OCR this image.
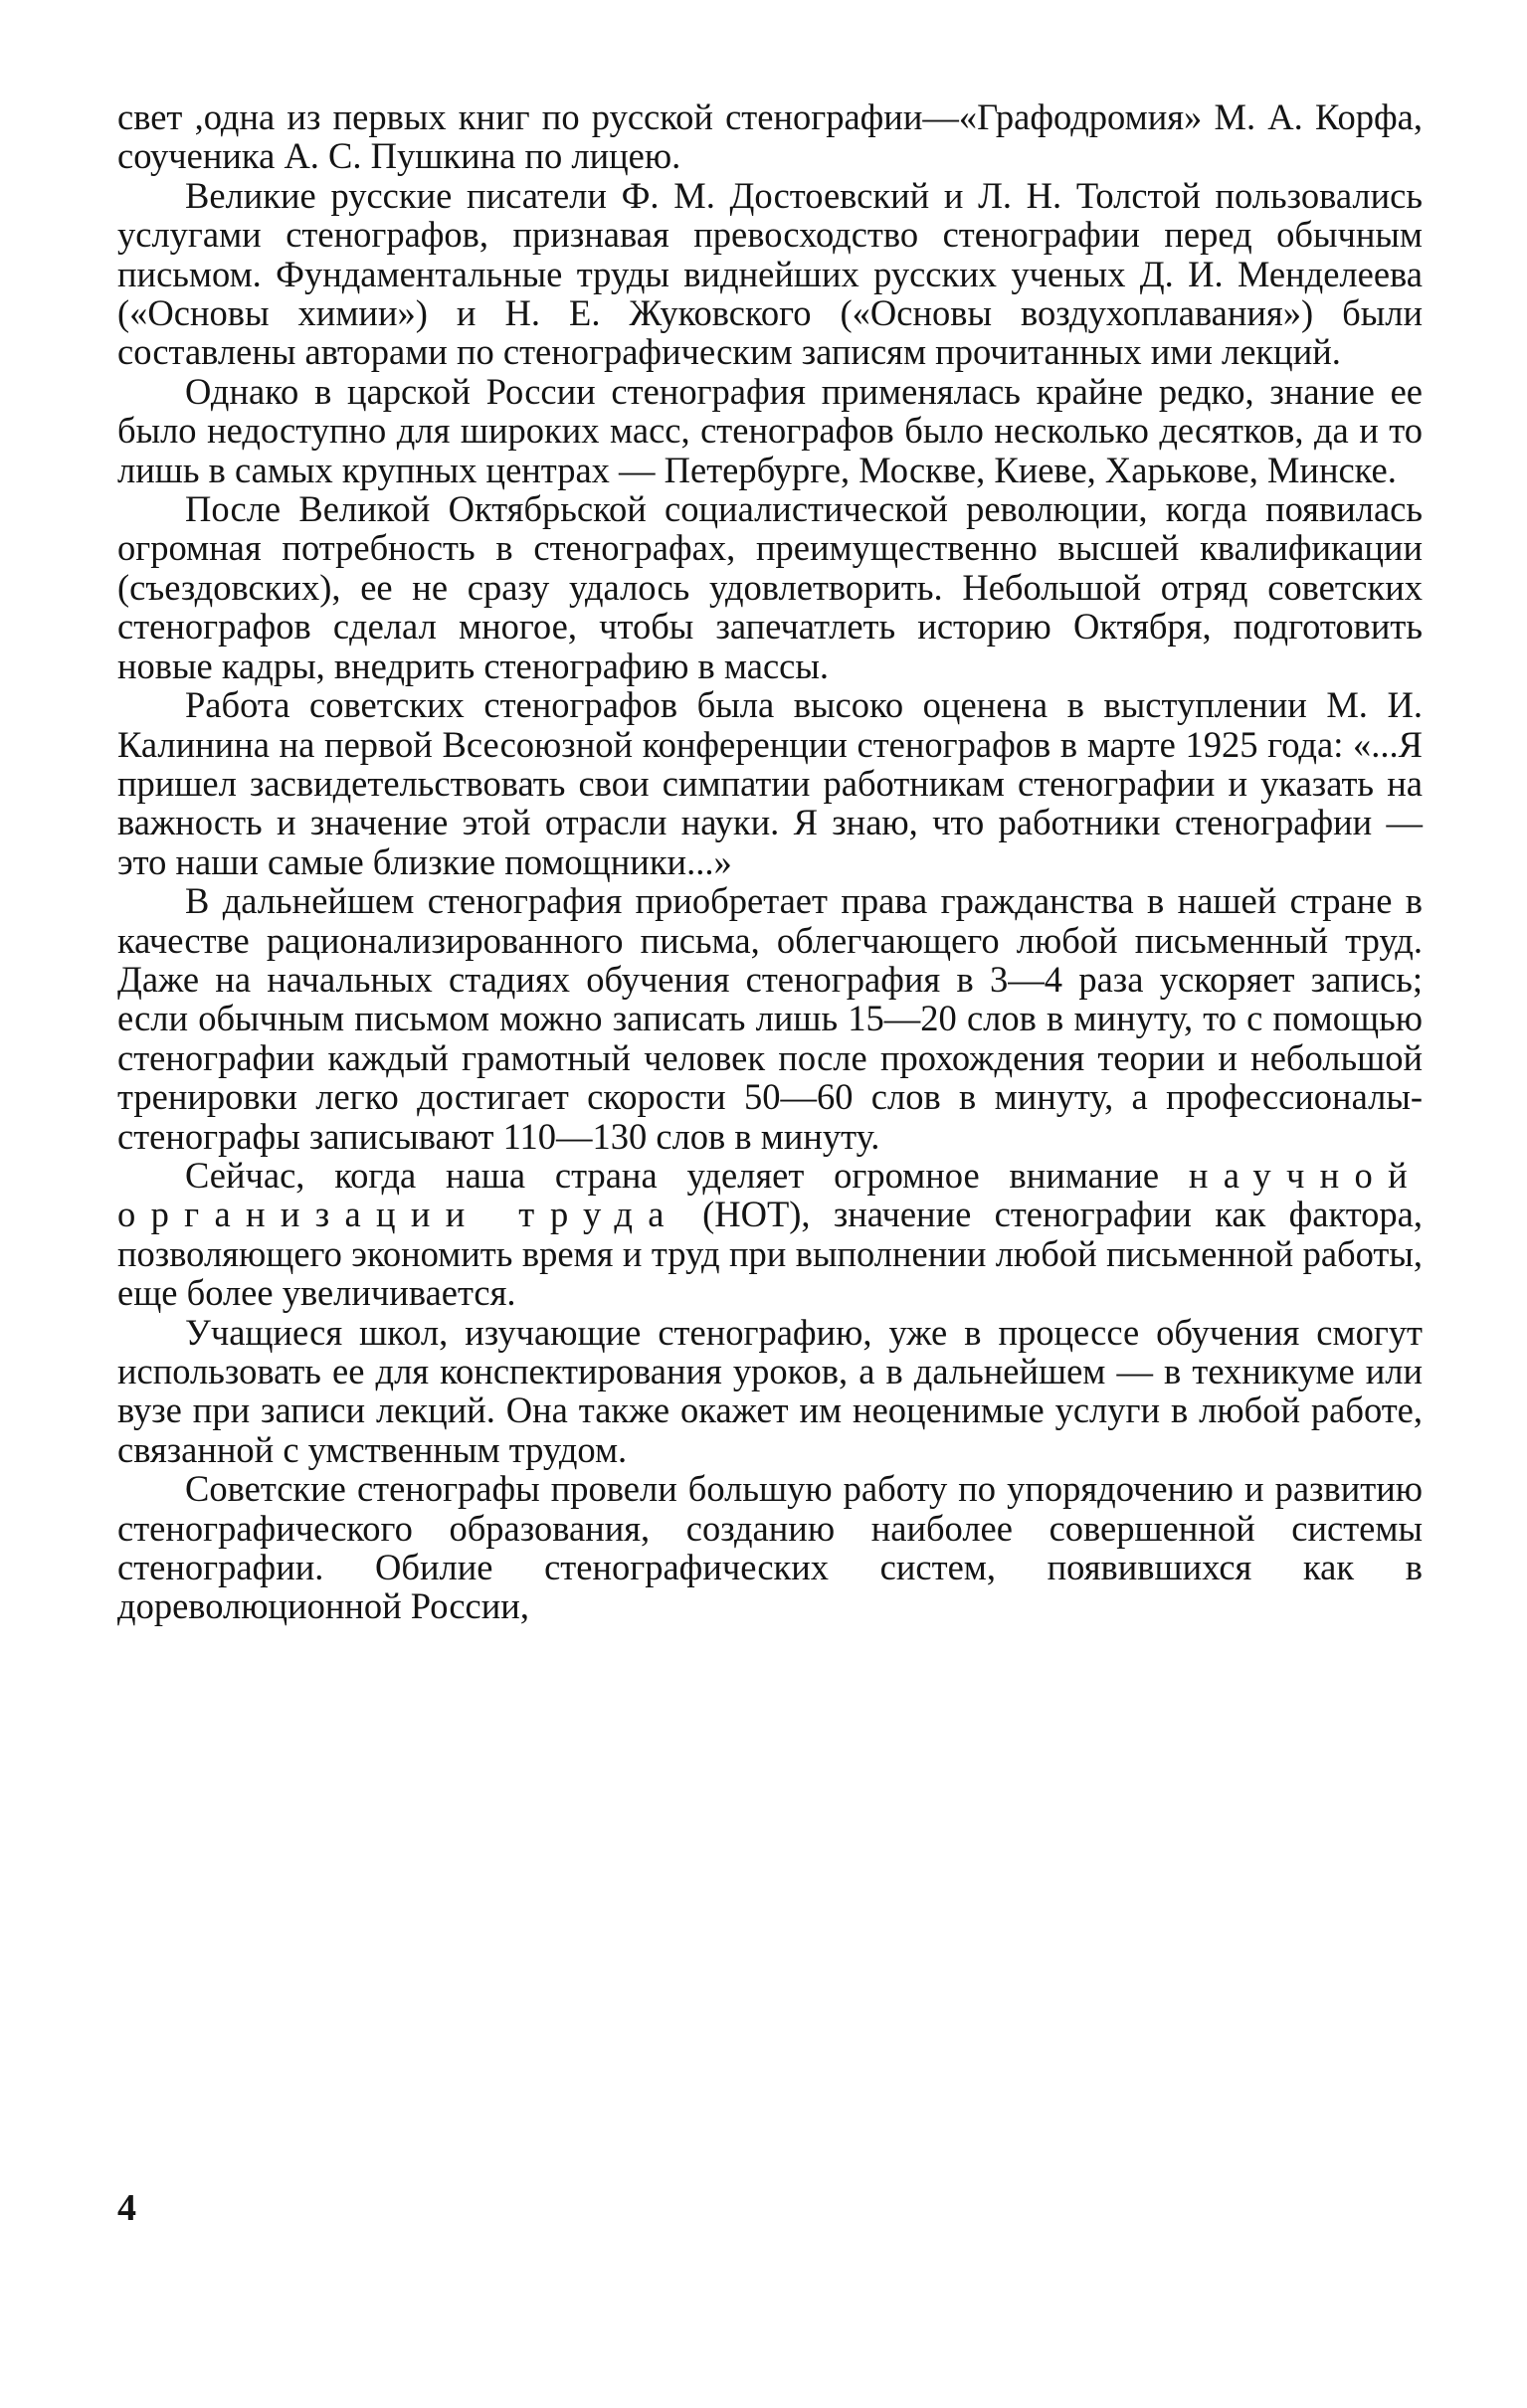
свет ,одна из первых книг по русской стенографии—«Графодромия» М. А. Корфа, соученика А. С. Пушкина по лицею.

Великие русские писатели Ф. М. Достоевский и Л. Н. Толстой пользовались услугами стенографов, признавая превосходство стенографии перед обычным письмом. Фундаментальные труды виднейших русских ученых Д. И. Менделеева («Основы химии») и Н. Е. Жуковского («Основы воздухоплавания») были составлены авторами по стенографическим записям прочитанных ими лекций.

Однако в царской России стенография применялась крайне редко, знание ее было недоступно для широких масс, стенографов было несколько десятков, да и то лишь в самых крупных центрах — Петербурге, Москве, Киеве, Харькове, Минске.

После Великой Октябрьской социалистической революции, когда появилась огромная потребность в стенографах, преимущественно высшей квалификации (съездовских), ее не сразу удалось удовлетворить. Небольшой отряд советских стенографов сделал многое, чтобы запечатлеть историю Октября, подготовить новые кадры, внедрить стенографию в массы.

Работа советских стенографов была высоко оценена в выступлении М. И. Калинина на первой Всесоюзной конференции стенографов в марте 1925 года: «...Я пришел засвидетельствовать свои симпатии работникам стенографии и указать на важность и значение этой отрасли науки. Я знаю, что работники стенографии — это наши самые близкие помощники...»

В дальнейшем стенография приобретает права гражданства в нашей стране в качестве рационализированного письма, облегчающего любой письменный труд. Даже на начальных стадиях обучения стенография в 3—4 раза ускоряет запись; если обычным письмом можно записать лишь 15—20 слов в минуту, то с помощью стенографии каждый грамотный человек после прохождения теории и небольшой тренировки легко достигает скорости 50—60 слов в минуту, а профессионалы-стенографы записывают 110—130 слов в минуту.

Сейчас, когда наша страна уделяет огромное внимание научной организации труда (НОТ), значение стенографии как фактора, позволяющего экономить время и труд при выполнении любой письменной работы, еще более увеличивается.

Учащиеся школ, изучающие стенографию, уже в процессе обучения смогут использовать ее для конспектирования уроков, а в дальнейшем — в техникуме или вузе при записи лекций. Она также окажет им неоценимые услуги в любой работе, связанной с умственным трудом.

Советские стенографы провели большую работу по упорядочению и развитию стенографического образования, созданию наиболее совершенной системы стенографии. Обилие стенографических систем, появившихся как в дореволюционной России,

4
